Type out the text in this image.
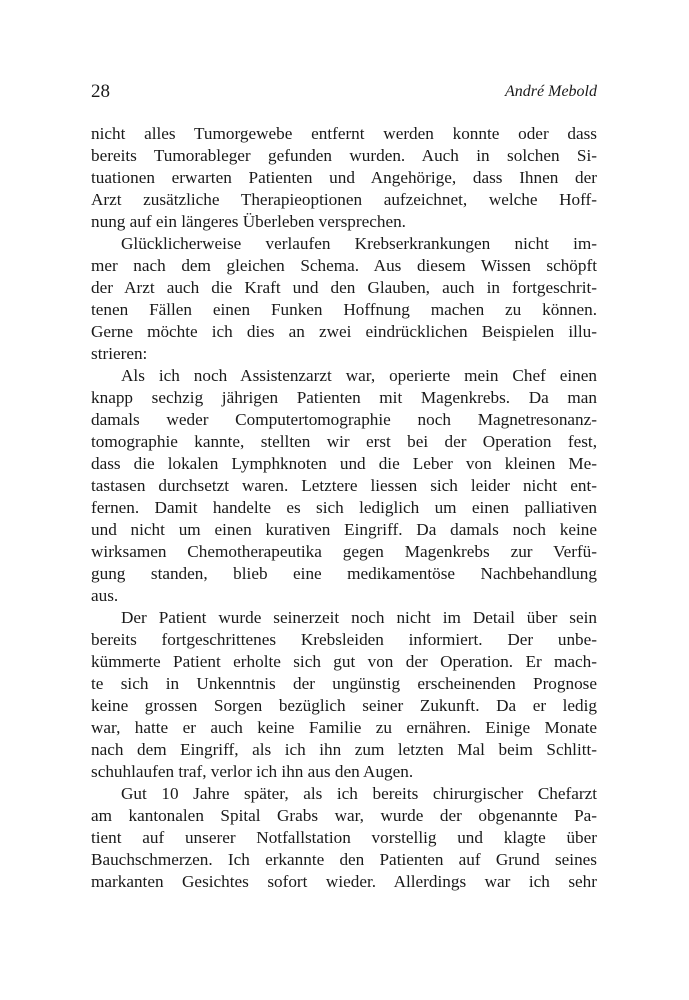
28	André Mebold
nicht alles Tumorgewebe entfernt werden konnte oder dass
bereits Tumorableger gefunden wurden. Auch in solchen Si-
tuationen erwarten Patienten und Angehörige, dass Ihnen der
Arzt zusätzliche Therapieoptionen aufzeichnet, welche Hoff-
nung auf ein längeres Überleben versprechen.
Glücklicherweise verlaufen Krebserkrankungen nicht im-
mer nach dem gleichen Schema. Aus diesem Wissen schöpft
der Arzt auch die Kraft und den Glauben, auch in fortgeschrit-
tenen Fällen einen Funken Hoffnung machen zu können.
Gerne möchte ich dies an zwei eindrücklichen Beispielen illu-
strieren:
Als ich noch Assistenzarzt war, operierte mein Chef einen
knapp sechzig jährigen Patienten mit Magenkrebs. Da man
damals weder Computertomographie noch Magnetresonanz-
tomographie kannte, stellten wir erst bei der Operation fest,
dass die lokalen Lymphknoten und die Leber von kleinen Me-
tastasen durchsetzt waren. Letztere liessen sich leider nicht ent-
fernen. Damit handelte es sich lediglich um einen palliativen
und nicht um einen kurativen Eingriff. Da damals noch keine
wirksamen Chemotherapeutika gegen Magenkrebs zur Verfü-
gung standen, blieb eine medikamentöse Nachbehandlung
aus.
Der Patient wurde seinerzeit noch nicht im Detail über sein
bereits fortgeschrittenes Krebsleiden informiert. Der unbe-
kümmerte Patient erholte sich gut von der Operation. Er mach-
te sich in Unkenntnis der ungünstig erscheinenden Prognose
keine grossen Sorgen bezüglich seiner Zukunft. Da er ledig
war, hatte er auch keine Familie zu ernähren. Einige Monate
nach dem Eingriff, als ich ihn zum letzten Mal beim Schlitt-
schuhlaufen traf, verlor ich ihn aus den Augen.
Gut 10 Jahre später, als ich bereits chirurgischer Chefarzt
am kantonalen Spital Grabs war, wurde der obgenannte Pa-
tient auf unserer Notfallstation vorstellig und klagte über
Bauchschmerzen. Ich erkannte den Patienten auf Grund seines
markanten Gesichtes sofort wieder. Allerdings war ich sehr
